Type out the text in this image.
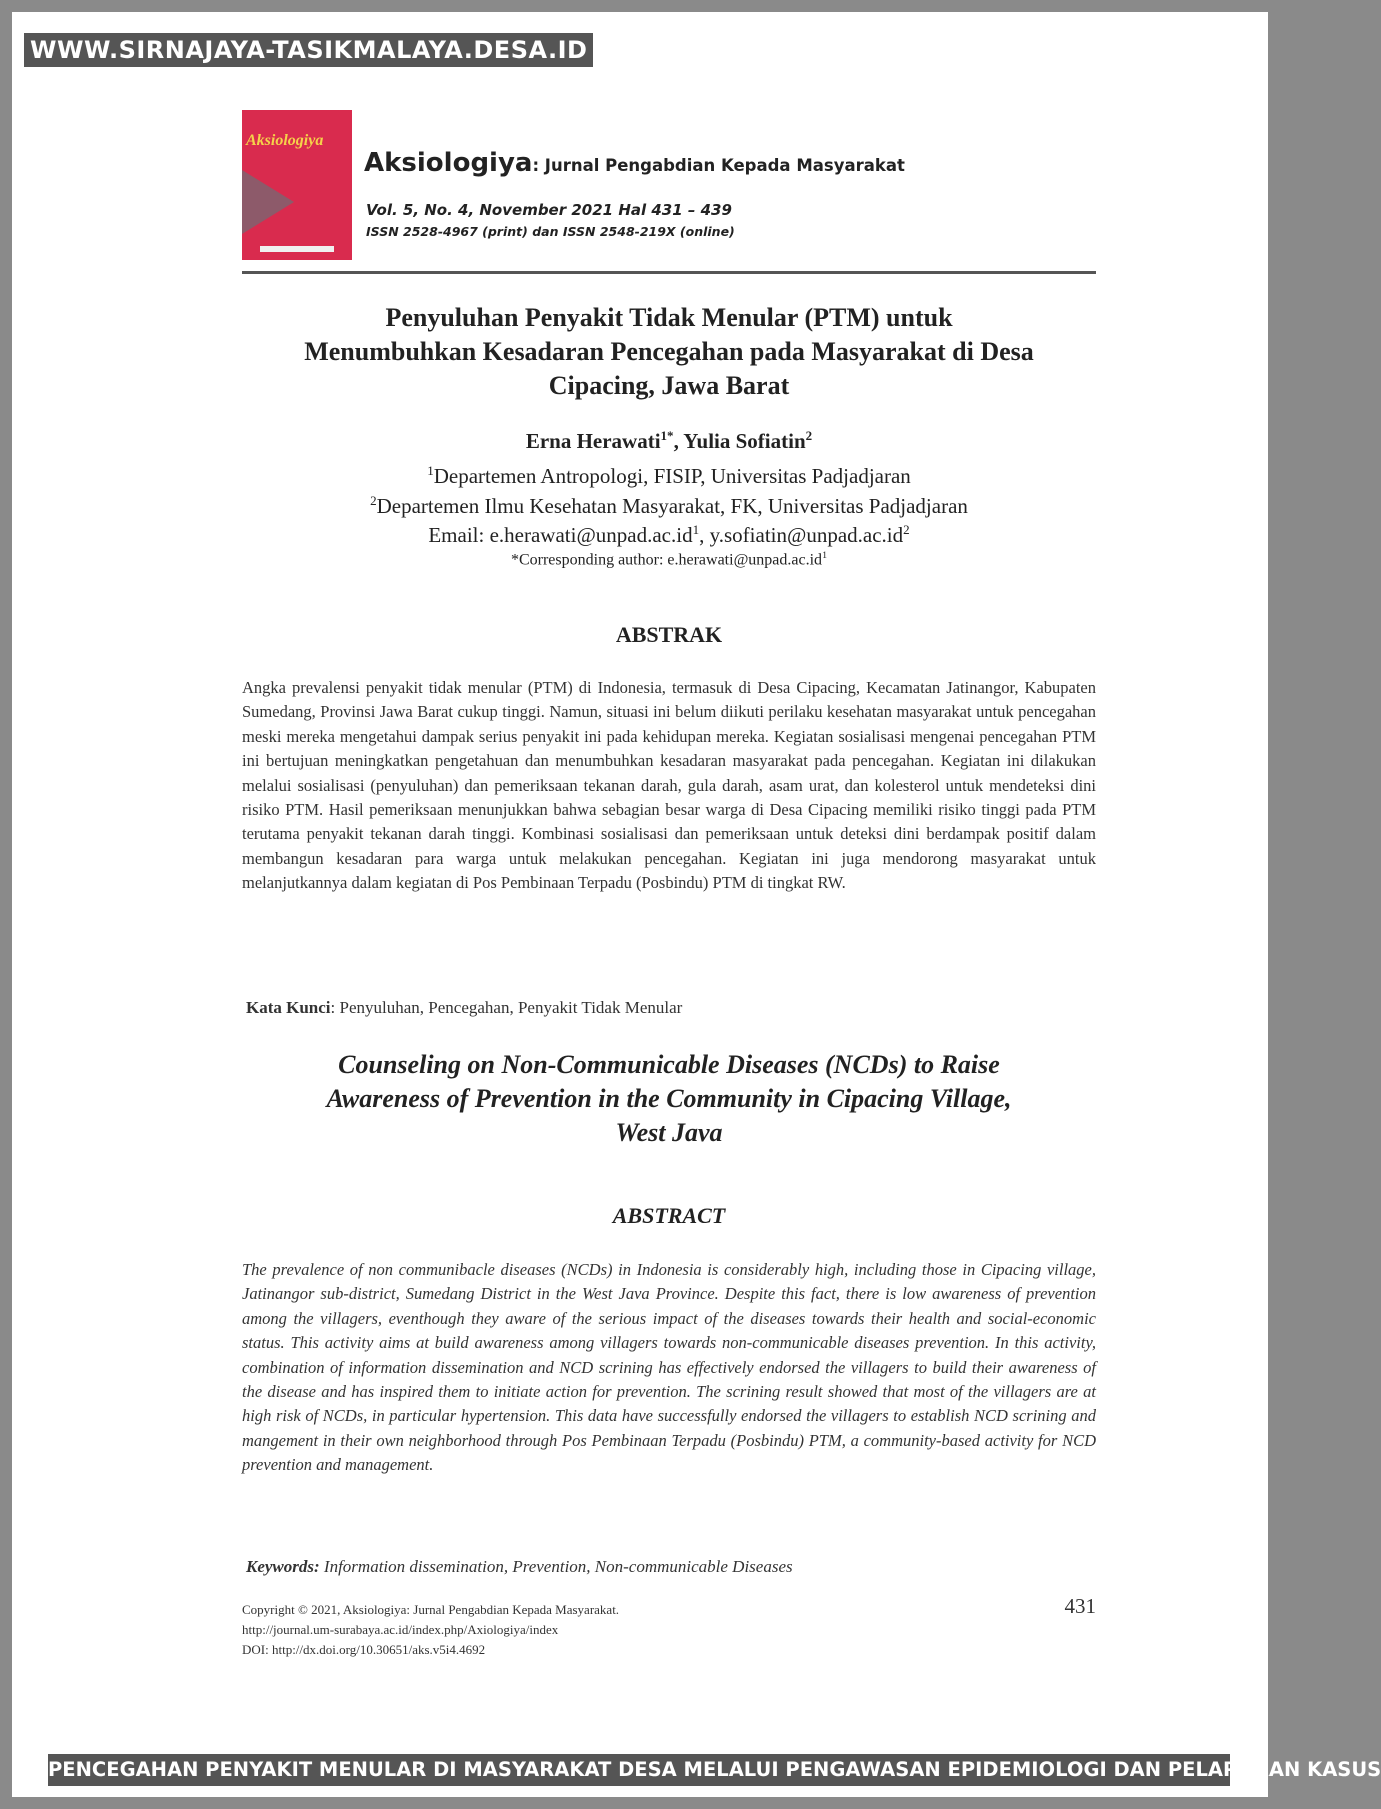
WWW.SIRNAJAYA-TASIKMALAYA.DESA.ID
Aksiologiya
Aksiologiya: Jurnal Pengabdian Kepada Masyarakat
Vol. 5, No. 4, November 2021 Hal 431 – 439
ISSN 2528-4967 (print) dan ISSN 2548-219X (online)
Penyuluhan Penyakit Tidak Menular (PTM) untuk
Menumbuhkan Kesadaran Pencegahan pada Masyarakat di Desa
Cipacing, Jawa Barat
Erna Herawati$^{1*}$, Yulia Sofiatin$^2$
$^1$Departemen Antropologi, FISIP, Universitas Padjadjaran
$^2$Departemen Ilmu Kesehatan Masyarakat, FK, Universitas Padjadjaran
Email: $e.herawati@unpad.ac.id^1$, $y.sofiatin@unpad.ac.id^2$
*Corresponding author: $e.herawati@unpad.ac.id^1$
ABSTRAK

Angka prevalensi penyakit tidak menular (PTM) di Indonesia, termasuk di Desa Cipacing, Kecamatan Jatinangor, Kabupaten Sumedang, Provinsi Jawa Barat cukup tinggi. Namun, situasi ini belum diikuti perilaku kesehatan masyarakat untuk pencegahan meski mereka mengetahui dampak serius penyakit ini pada kehidupan mereka. Kegiatan sosialisasi mengenai pencegahan PTM ini bertujuan meningkatkan pengetahuan dan menumbuhkan kesadaran masyarakat pada pencegahan. Kegiatan ini dilakukan melalui sosialisasi (penyuluhan) dan pemeriksaan tekanan darah, gula darah, asam urat, dan kolesterol untuk mendeteksi dini risiko PTM. Hasil pemeriksaan menunjukkan bahwa sebagian besar warga di Desa Cipacing memiliki risiko tinggi pada PTM terutama penyakit tekanan darah tinggi. Kombinasi sosialisasi dan pemeriksaan untuk deteksi dini berdampak positif dalam membangun kesadaran para warga untuk melakukan pencegahan. Kegiatan ini juga mendorong masyarakat untuk melanjutkannya dalam kegiatan di Pos Pembinaan Terpadu (Posbindu) PTM di tingkat RW.

Kata Kunci: Penyuluhan, Pencegahan, Penyakit Tidak Menular
Counseling on Non-Communicable Diseases (NCDs) to Raise
Awareness of Prevention in the Community in Cipacing Village,
West Java
ABSTRACT

The prevalence of non communibacle diseases (NCDs) in Indonesia is considerably high, including those in Cipacing village, Jatinangor sub-district, Sumedang District in the West Java Province. Despite this fact, there is low awareness of prevention among the villagers, eventhough they aware of the serious impact of the diseases towards their health and social-economic status. This activity aims at build awareness among villagers towards non-communicable diseases prevention. In this activity, combination of information dissemination and NCD scrining has effectively endorsed the villagers to build their awareness of the disease and has inspired them to initiate action for prevention. The scrining result showed that most of the villagers are at high risk of NCDs, in particular hypertension. This data have successfully endorsed the villagers to establish NCD scrining and mangement in their own neighborhood through Pos Pembinaan Terpadu (Posbindu) PTM, a community-based activity for NCD prevention and management.

Keywords: Information dissemination, Prevention, Non-communicable Diseases
Copyright © 2021, Aksiologiya: Jurnal Pengabdian Kepada Masyarakat.
http://journal.um-surabaya.ac.id/index.php/Axiologiya/index
DOI: http://dx.doi.org/10.30651/aks.v5i4.4692
431
PENCEGAHAN PENYAKIT MENULAR DI MASYARAKAT DESA MELALUI PENGAWASAN EPIDEMIOLOGI DAN PELAPORAN KASUS
